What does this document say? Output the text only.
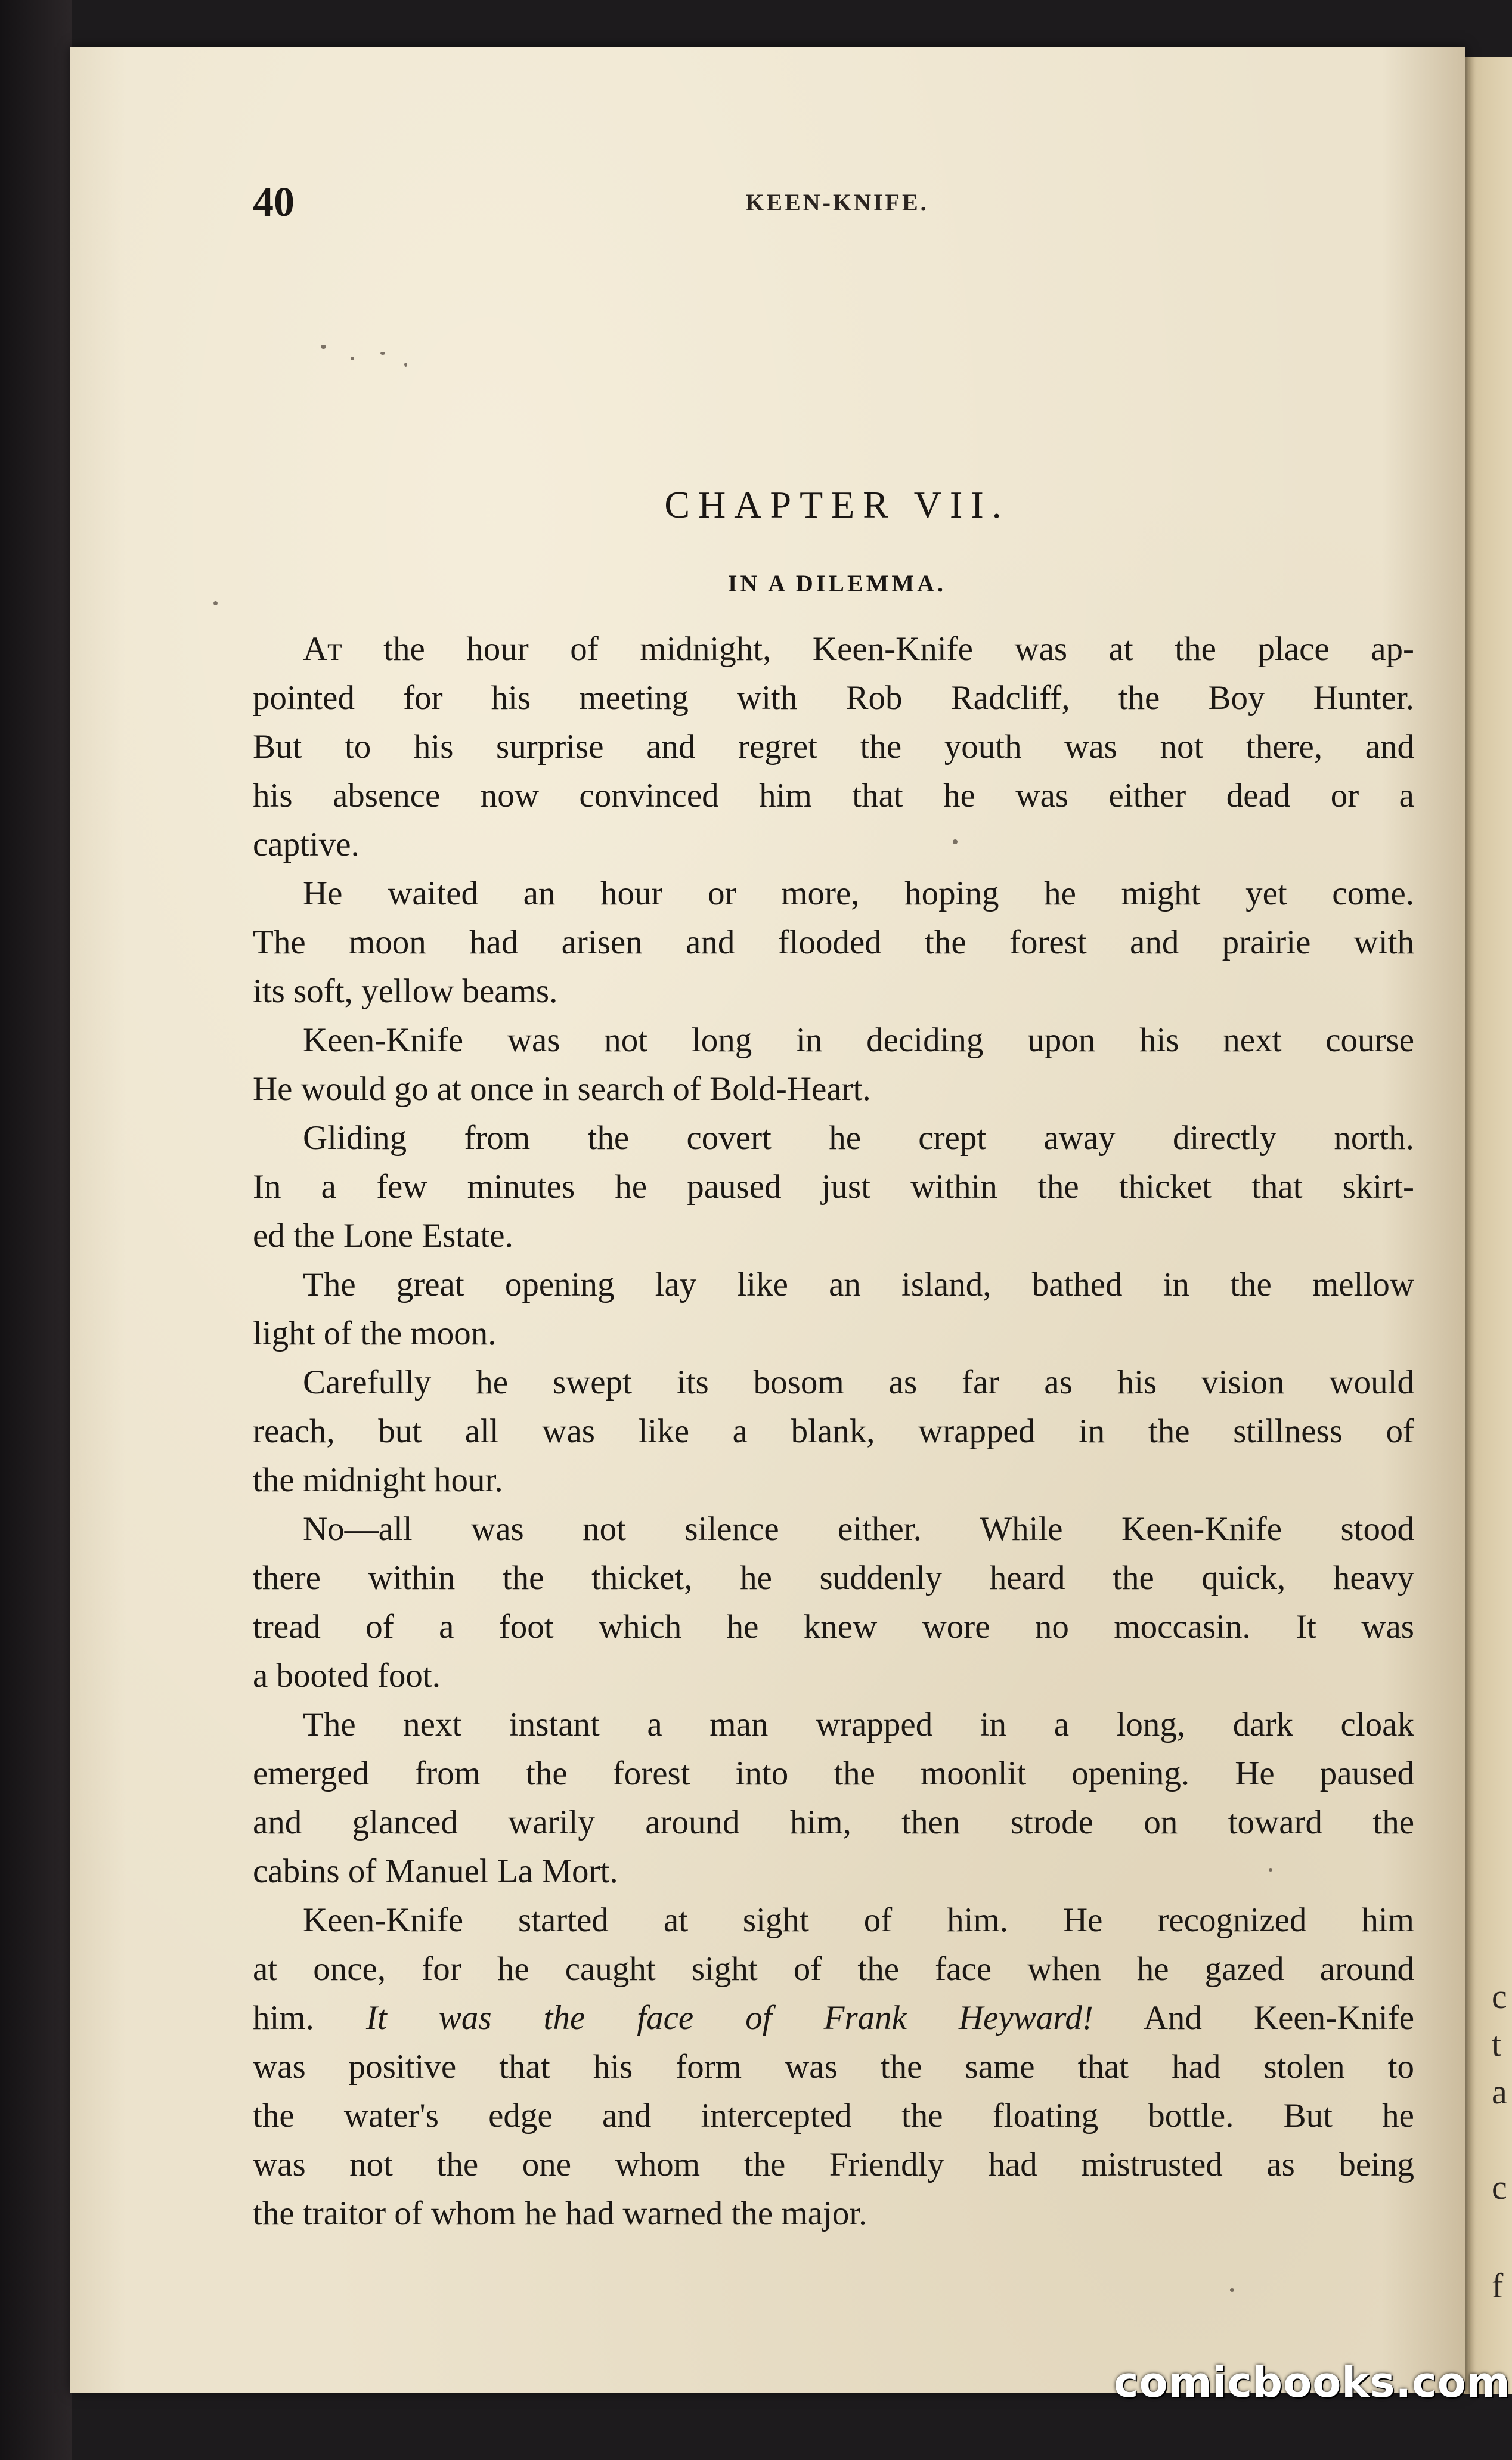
c
t
a
c
f
40	KEEN-KNIFE.
CHAPTER VII.
IN A DILEMMA.
At the hour of midnight, Keen-Knife was at the place ap-
pointed for his meeting with Rob Radcliff, the Boy Hunter.
But to his surprise and regret the youth was not there, and
his absence now convinced him that he was either dead or a
captive.
He waited an hour or more, hoping he might yet come.
The moon had arisen and flooded the forest and prairie with
its soft, yellow beams.
Keen-Knife was not long in deciding upon his next course
He would go at once in search of Bold-Heart.
Gliding from the covert he crept away directly north.
In a few minutes he paused just within the thicket that skirt-
ed the Lone Estate.
The great opening lay like an island, bathed in the mellow
light of the moon.
Carefully he swept its bosom as far as his vision would
reach, but all was like a blank, wrapped in the stillness of
the midnight hour.
No—all was not silence either. While Keen-Knife stood
there within the thicket, he suddenly heard the quick, heavy
tread of a foot which he knew wore no moccasin. It was
a booted foot.
The next instant a man wrapped in a long, dark cloak
emerged from the forest into the moonlit opening. He paused
and glanced warily around him, then strode on toward the
cabins of Manuel La Mort.
Keen-Knife started at sight of him. He recognized him
at once, for he caught sight of the face when he gazed around
him. It was the face of Frank Heyward! And Keen-Knife
was positive that his form was the same that had stolen to
the water's edge and intercepted the floating bottle. But he
was not the one whom the Friendly had mistrusted as being
the traitor of whom he had warned the major.
comicbooks.com
